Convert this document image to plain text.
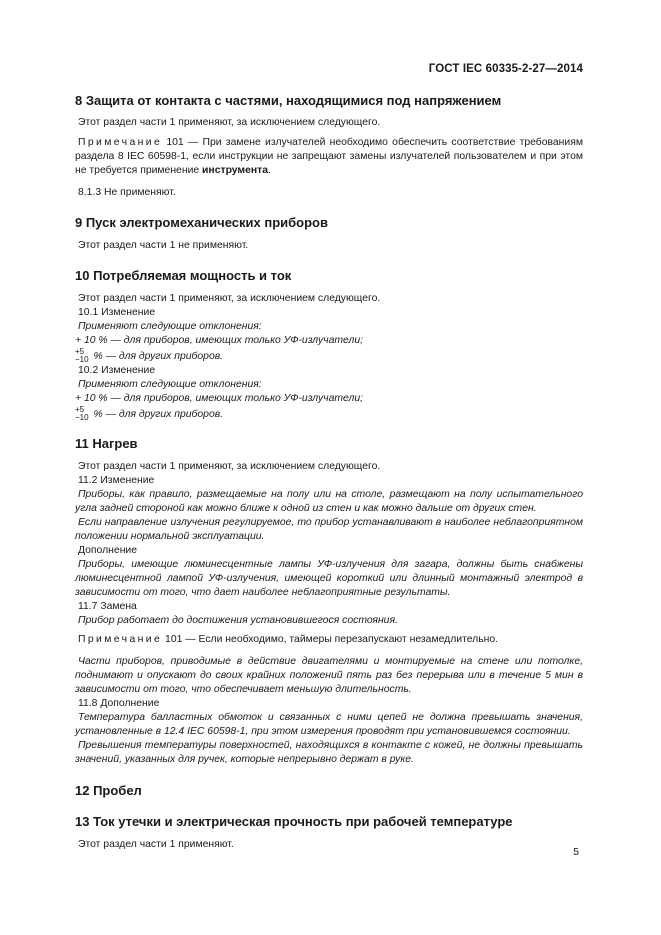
ГОСТ IEC 60335-2-27—2014
8 Защита от контакта с частями, находящимися под напряжением

Этот раздел части 1 применяют, за исключением следующего.

Примечание 101 — При замене излучателей необходимо обеспечить соответствие требованиям раздела 8 IEC 60598-1, если инструкции не запрещают замены излучателей пользователем и при этом не требуется применение инструмента.

8.1.3 Не применяют.

9 Пуск электромеханических приборов

Этот раздел части 1 не применяют.

10 Потребляемая мощность и ток

Этот раздел части 1 применяют, за исключением следующего.

10.1 Изменение

Применяют следующие отклонения:

+ 10 % — для приборов, имеющих только УФ-излучатели;

+5
−10 % — для других приборов.

10.2 Изменение

Применяют следующие отклонения:

+ 10 % — для приборов, имеющих только УФ-излучатели;

+5
−10 % — для других приборов.

11 Нагрев

Этот раздел части 1 применяют, за исключением следующего.

11.2 Изменение

Приборы, как правило, размещаемые на полу или на столе, размещают на полу испытательного угла задней стороной как можно ближе к одной из стен и как можно дальше от других стен.

Если направление излучения регулируемое, то прибор устанавливают в наиболее неблагоприятном положении нормальной эксплуатации.

Дополнение

Приборы, имеющие люминесцентные лампы УФ-излучения для загара, должны быть снабжены люминесцентной лампой УФ-излучения, имеющей короткий или длинный монтажный электрод в зависимости от того, что дает наиболее неблагоприятные результаты.

11.7 Замена

Прибор работает до достижения установившегося состояния.

Примечание 101 — Если необходимо, таймеры перезапускают незамедлительно.

Части приборов, приводимые в действие двигателями и монтируемые на стене или потолке, поднимают и опускают до своих крайних положений пять раз без перерыва или в течение 5 мин в зависимости от того, что обеспечивает меньшую длительность.

11.8 Дополнение

Температура балластных обмоток и связанных с ними цепей не должна превышать значения, установленные в 12.4 IEC 60598-1, при этом измерения проводят при установившемся состоянии.

Превышения температуры поверхностей, находящихся в контакте с кожей, не должны превышать значений, указанных для ручек, которые непрерывно держат в руке.

12 Пробел
13 Ток утечки и электрическая прочность при рабочей температуре

Этот раздел части 1 применяют.

5
